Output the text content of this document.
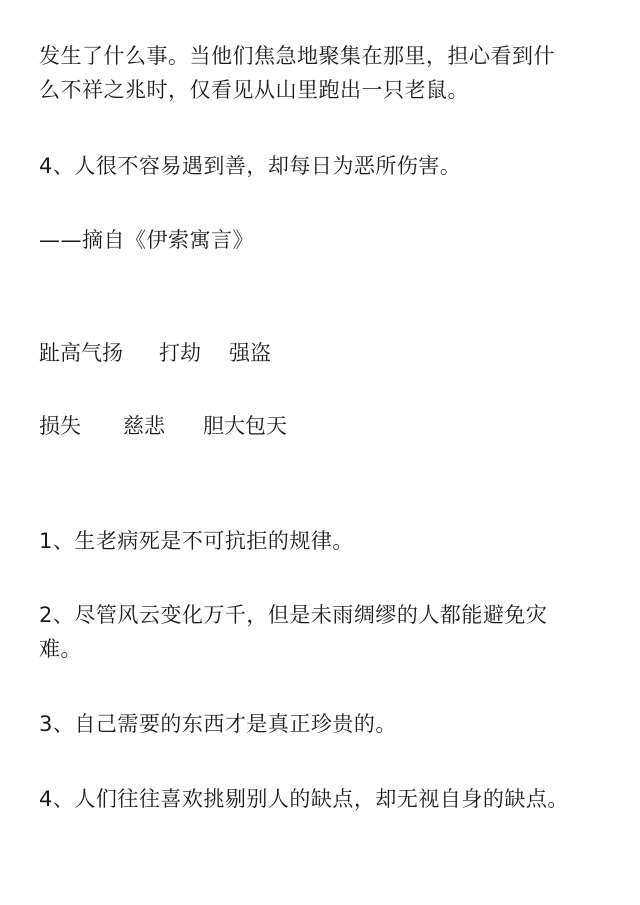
发生了什么事。当他们焦急地聚集在那里，担心看到什
么不祥之兆时，仅看见从山里跑出一只老鼠。
4、人很不容易遇到善，却每日为恶所伤害。
——摘自《伊索寓言》
趾高气扬 打劫 强盗
损失 慈悲 胆大包天
1、生老病死是不可抗拒的规律。
2、尽管风云变化万千，但是未雨绸缪的人都能避免灾
难。
3、自己需要的东西才是真正珍贵的。
4、人们往往喜欢挑剔别人的缺点，却无视自身的缺点。
